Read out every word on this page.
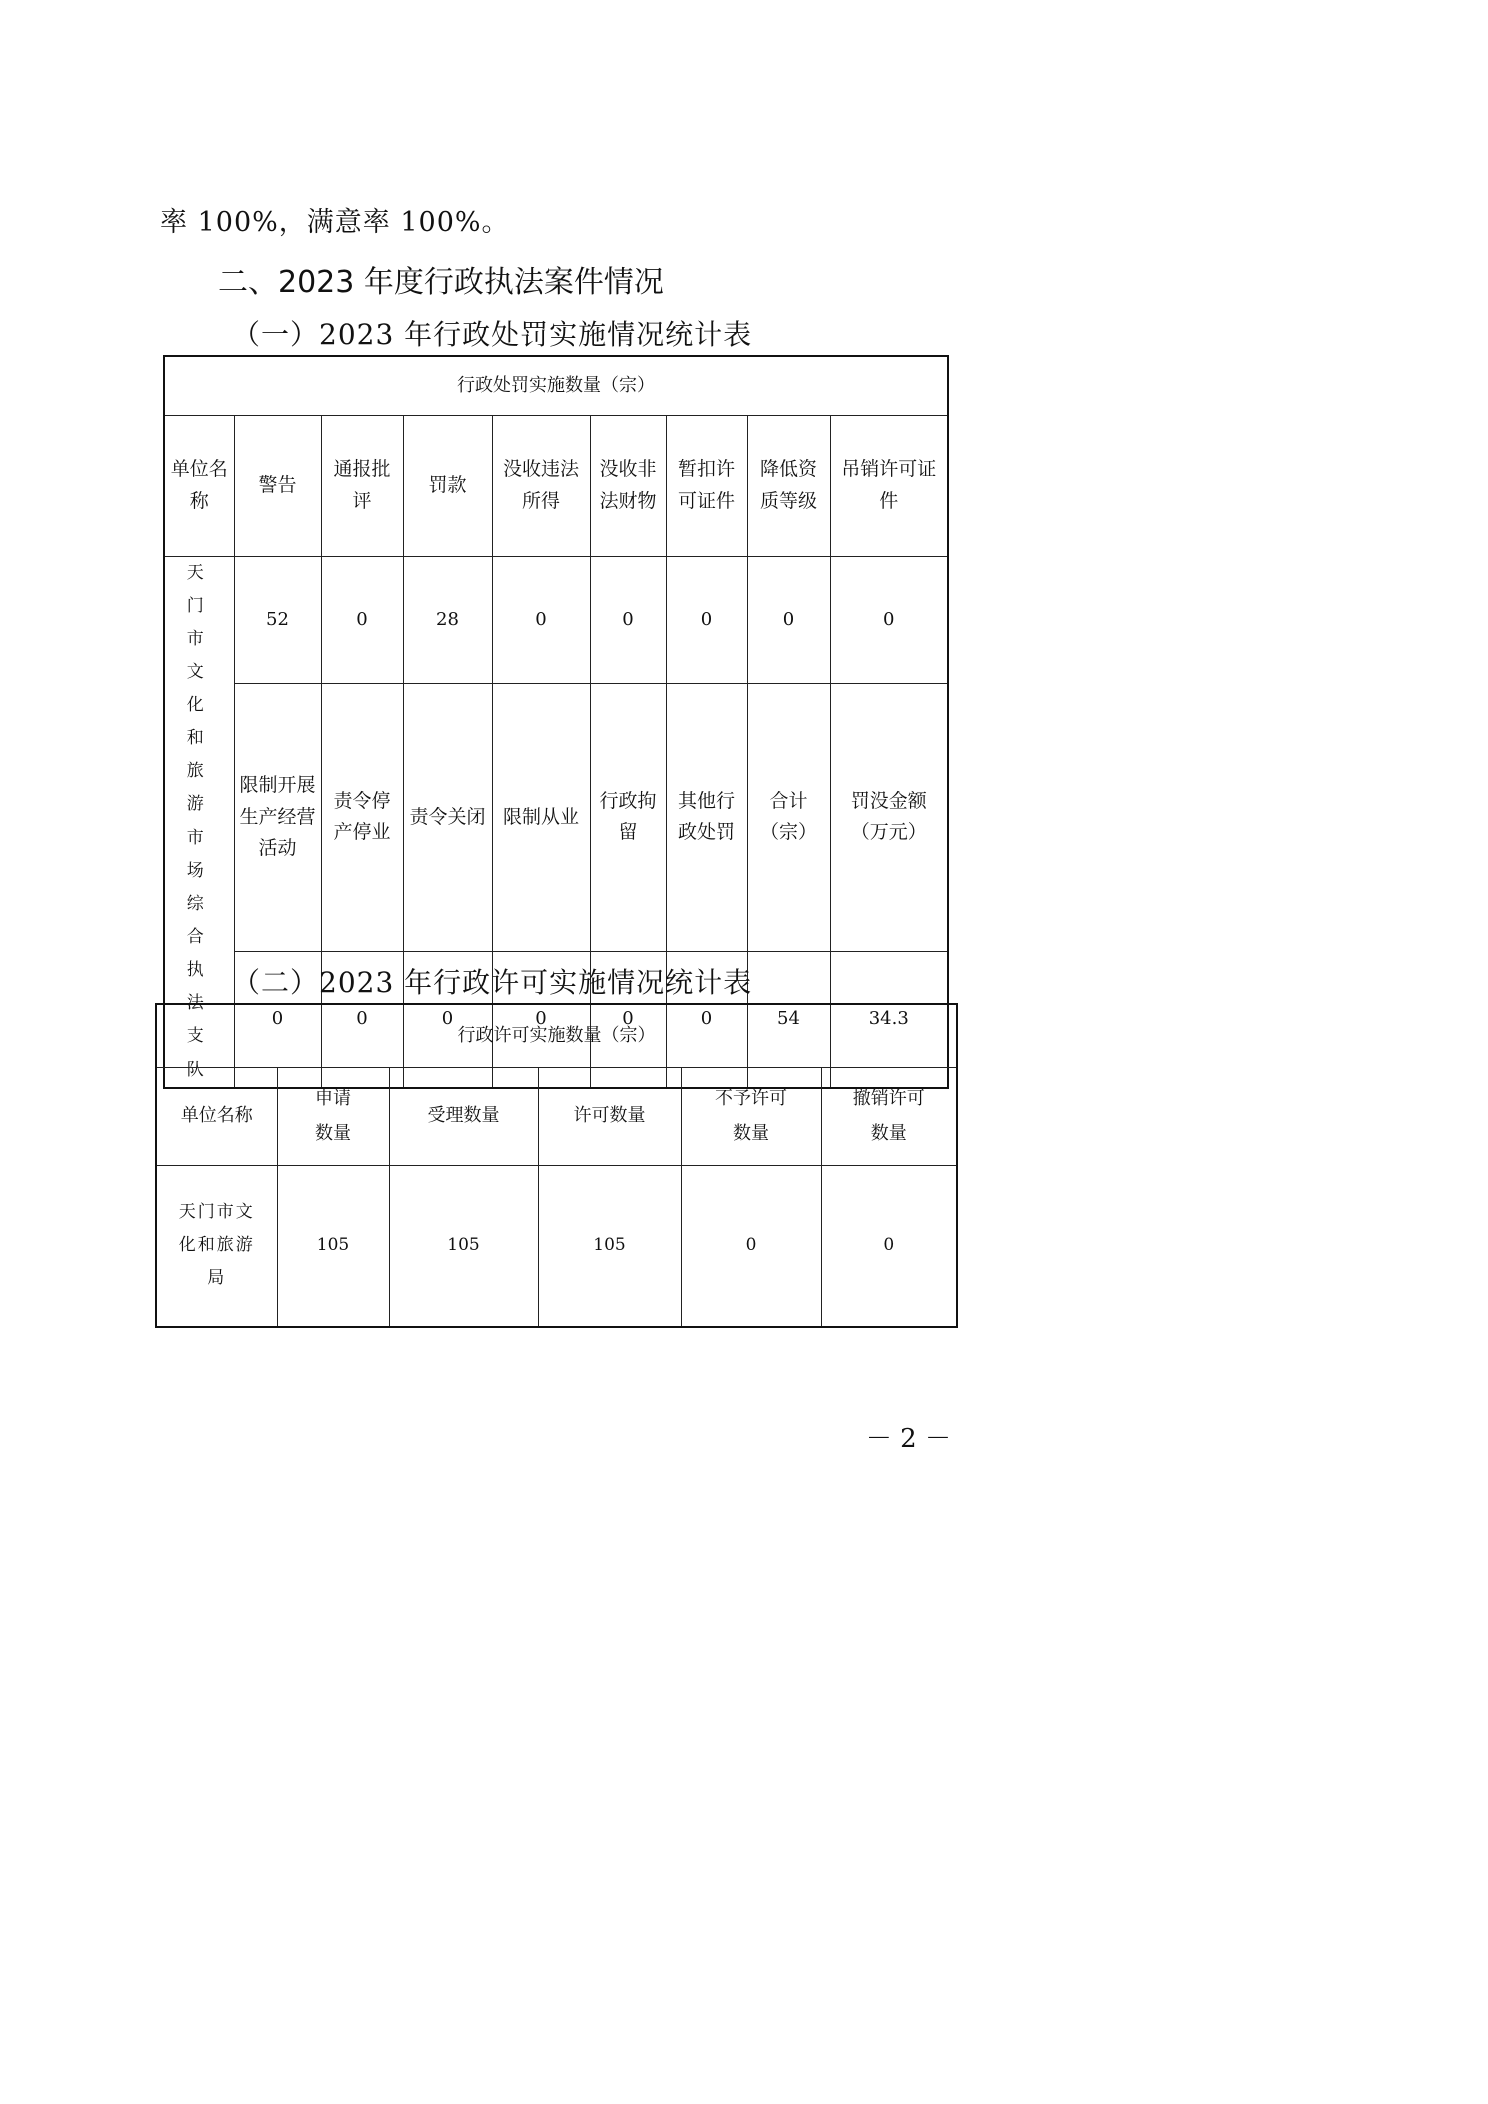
率 100%，满意率 100%。
二、2023 年度行政执法案件情况
（一）2023 年行政处罚实施情况统计表
行政处罚实施数量（宗）								
单位名称	警告	通报批评	罚款	没收违法所得	没收非法财物	暂扣许可证件	降低资质等级	吊销许可证件
天门市文化和旅游市场综合执法支队	52	0	28	0	0	0	0	0
	限制开展生产经营活动	责令停产停业	责令关闭	限制从业	行政拘留	其他行政处罚	合计（宗）	罚没金额（万元）
	0	0	0	0	0	0	54	34.3
（二）2023 年行政许可实施情况统计表
行政许可实施数量（宗）					
单位名称	申请数量	受理数量	许可数量	不予许可数量	撤销许可数量

天门市文化和旅游局	105	105	105	0	0
－ 2 －
